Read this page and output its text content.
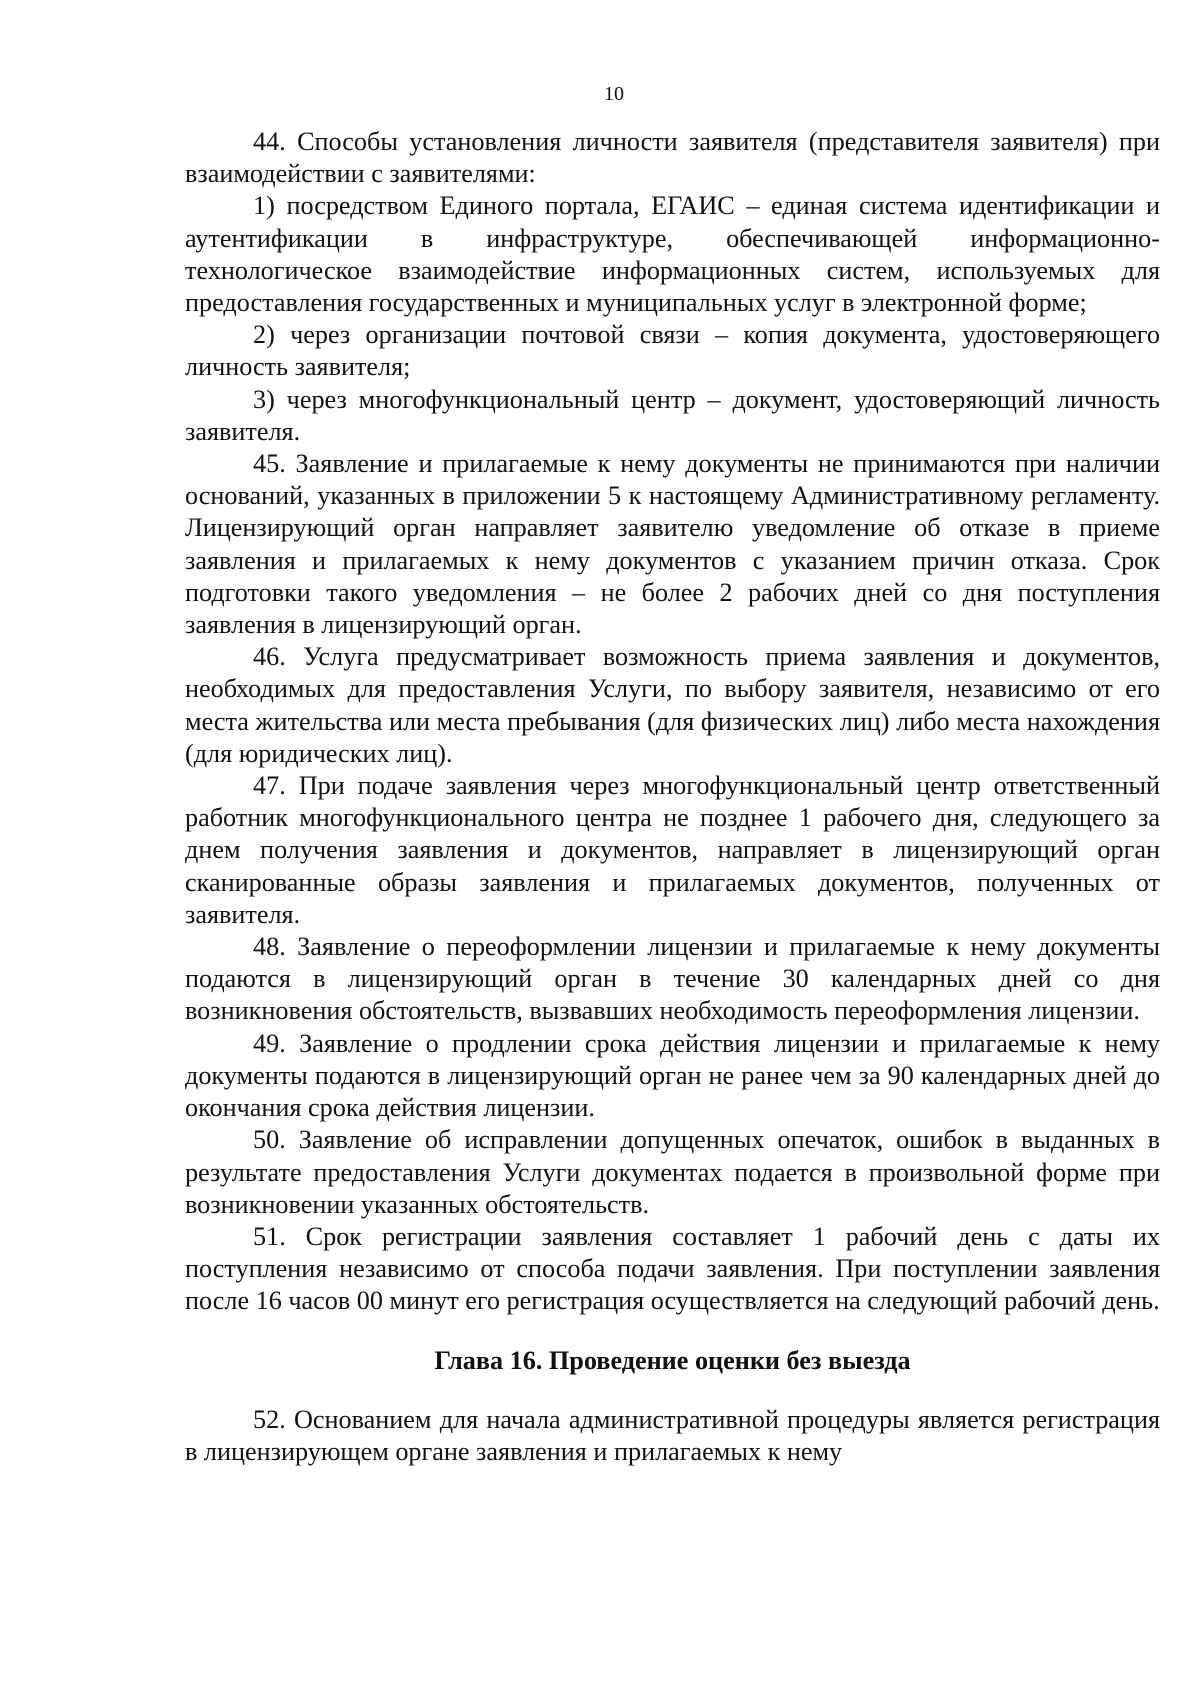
10

44. Способы установления личности заявителя (представителя заявителя) при взаимодействии с заявителями:

1) посредством Единого портала, ЕГАИС – единая система идентификации и аутентификации в инфраструктуре, обеспечивающей информационно-технологическое взаимодействие информационных систем, используемых для предоставления государственных и муниципальных услуг в электронной форме;

2) через организации почтовой связи – копия документа, удостоверяющего личность заявителя;

3) через многофункциональный центр – документ, удостоверяющий личность заявителя.

45. Заявление и прилагаемые к нему документы не принимаются при наличии оснований, указанных в приложении 5 к настоящему Административному регламенту. Лицензирующий орган направляет заявителю уведомление об отказе в приеме заявления и прилагаемых к нему документов с указанием причин отказа. Срок подготовки такого уведомления – не более 2 рабочих дней со дня поступления заявления в лицензирующий орган.

46. Услуга предусматривает возможность приема заявления и документов, необходимых для предоставления Услуги, по выбору заявителя, независимо от его места жительства или места пребывания (для физических лиц) либо места нахождения (для юридических лиц).

47. При подаче заявления через многофункциональный центр ответственный работник многофункционального центра не позднее 1 рабочего дня, следующего за днем получения заявления и документов, направляет в лицензирующий орган сканированные образы заявления и прилагаемых документов, полученных от заявителя.

48. Заявление о переоформлении лицензии и прилагаемые к нему документы подаются в лицензирующий орган в течение 30 календарных дней со дня возникновения обстоятельств, вызвавших необходимость переоформления лицензии.

49. Заявление о продлении срока действия лицензии и прилагаемые к нему документы подаются в лицензирующий орган не ранее чем за 90 календарных дней до окончания срока действия лицензии.

50. Заявление об исправлении допущенных опечаток, ошибок в выданных в результате предоставления Услуги документах подается в произвольной форме при возникновении указанных обстоятельств.

51. Срок регистрации заявления составляет 1 рабочий день с даты их поступления независимо от способа подачи заявления. При поступлении заявления после 16 часов 00 минут его регистрация осуществляется на следующий рабочий день.

Глава 16. Проведение оценки без выезда

52. Основанием для начала административной процедуры является регистрация в лицензирующем органе заявления и прилагаемых к нему
